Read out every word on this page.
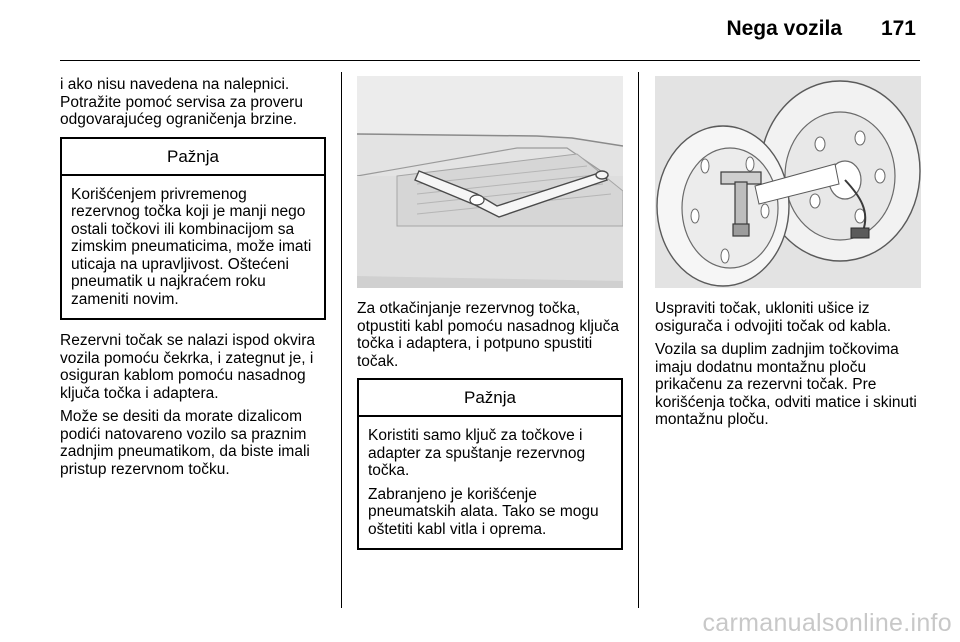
Nega vozila 171

i ako nisu navedena na nalepnici. Potražite pomoć servisa za proveru odgovarajućeg ograničenja brzine.

Pažnja

Korišćenjem privremenog rezervnog točka koji je manji nego ostali točkovi ili kombinacijom sa zimskim pneumaticima, može imati uticaja na upravljivost. Oštećeni pneumatik u najkraćem roku zameniti novim.

Rezervni točak se nalazi ispod okvira vozila pomoću čekrka, i zategnut je, i osiguran kablom pomoću nasadnog ključa točka i adaptera.

Može se desiti da morate dizalicom podići natovareno vozilo sa praznim zadnjim pneumatikom, da biste imali pristup rezervnom točku.

Za otkačinjanje rezervnog točka, otpustiti kabl pomoću nasadnog ključa točka i adaptera, i potpuno spustiti točak.

Pažnja

Koristiti samo ključ za točkove i adapter za spuštanje rezervnog točka.

Zabranjeno je korišćenje pneumatskih alata. Tako se mogu oštetiti kabl vitla i oprema.

Uspraviti točak, ukloniti ušice iz osigurača i odvojiti točak od kabla.

Vozila sa duplim zadnjim točkovima imaju dodatnu montažnu ploču prikačenu za rezervni točak. Pre korišćenja točka, odviti matice i skinuti montažnu ploču.

carmanualsonline.info
